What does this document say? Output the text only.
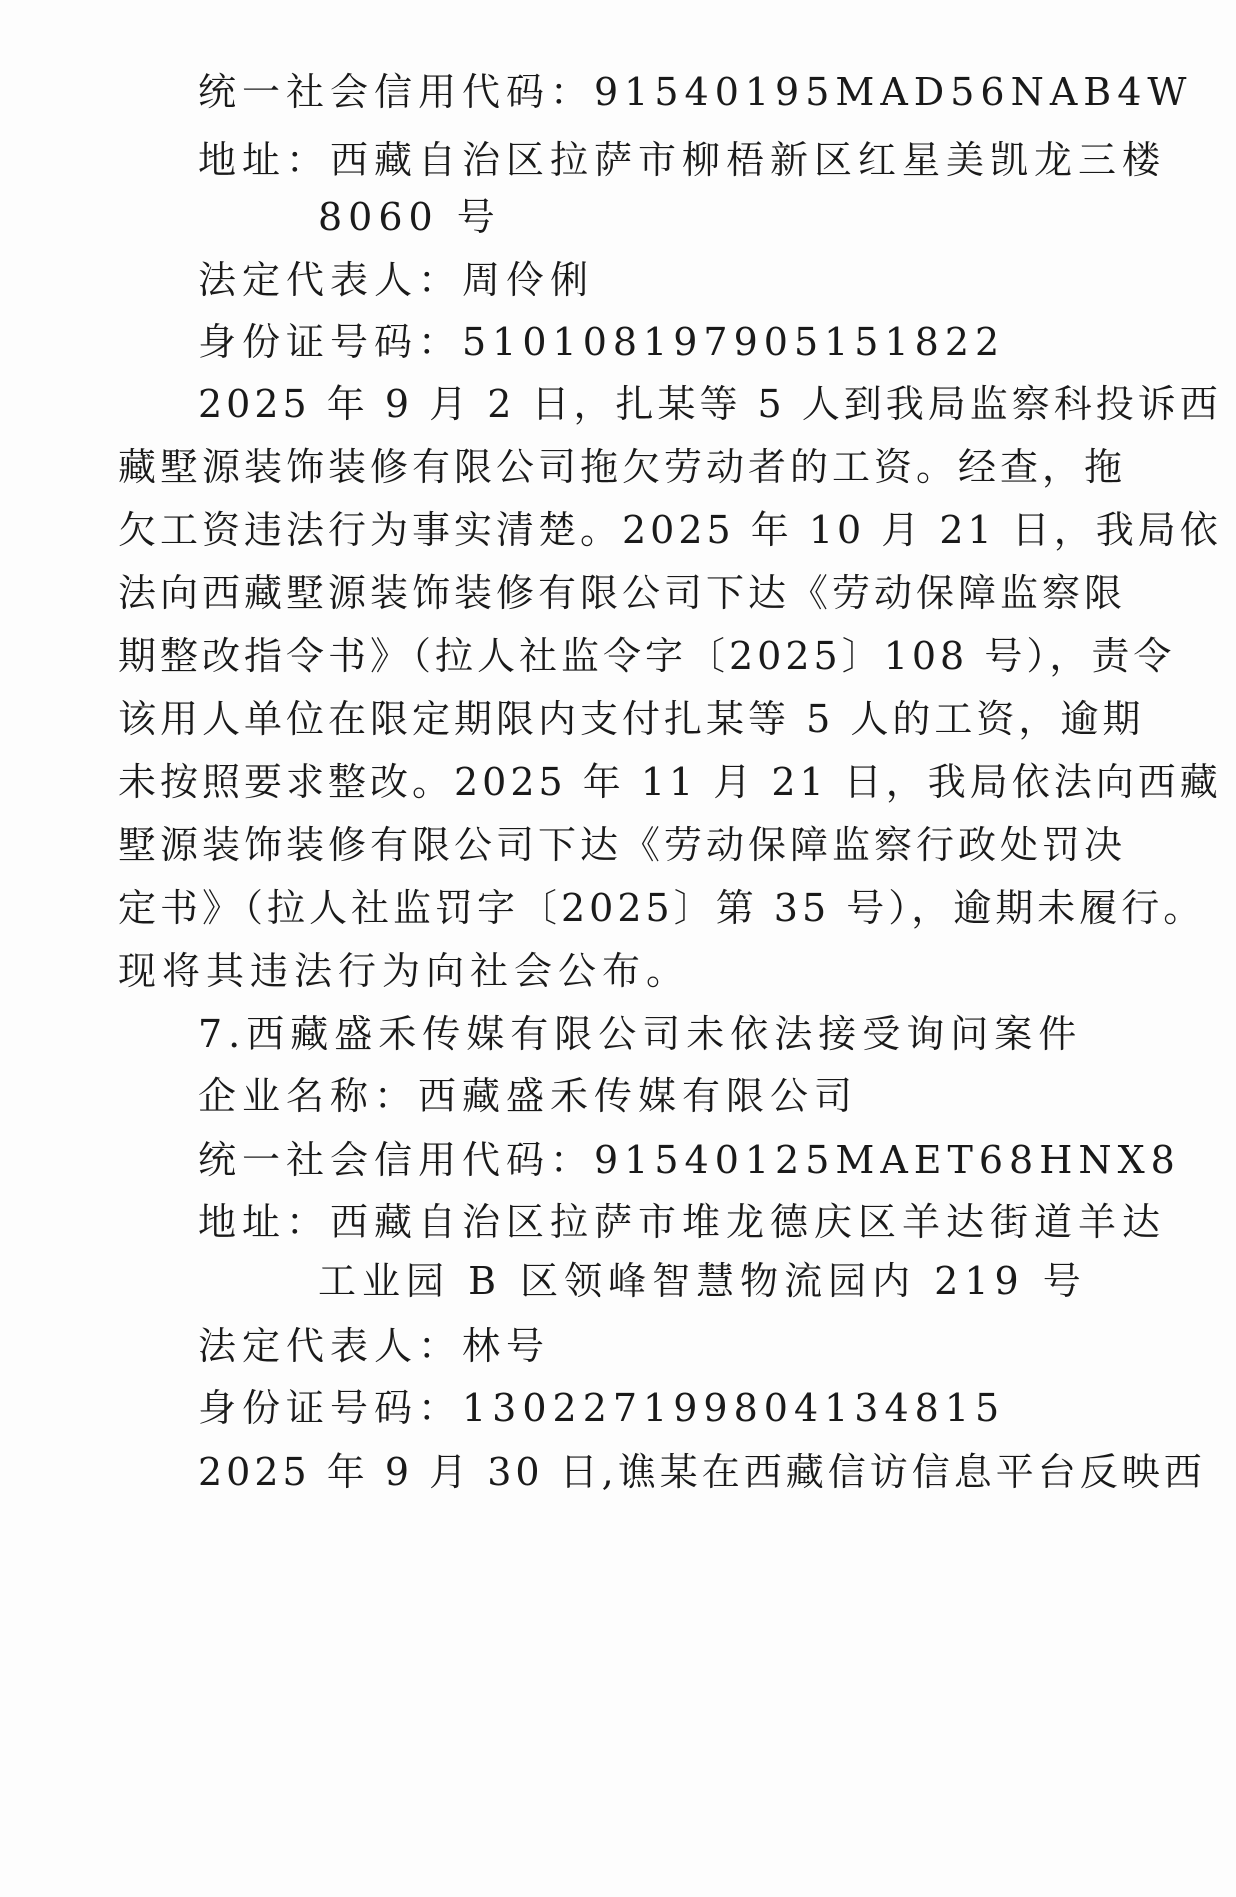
统一社会信用代码：91540195MAD56NAB4W
地址：西藏自治区拉萨市柳梧新区红星美凯龙三楼
8060 号
法定代表人：周伶俐
身份证号码：510108197905151822
2025 年 9 月 2 日，扎某等 5 人到我局监察科投诉西
藏墅源装饰装修有限公司拖欠劳动者的工资。经查，拖
欠工资违法行为事实清楚。2025 年 10 月 21 日，我局依
法向西藏墅源装饰装修有限公司下达《劳动保障监察限
期整改指令书》（拉人社监令字〔2025〕108 号），责令
该用人单位在限定期限内支付扎某等 5 人的工资，逾期
未按照要求整改。2025 年 11 月 21 日，我局依法向西藏
墅源装饰装修有限公司下达《劳动保障监察行政处罚决
定书》（拉人社监罚字〔2025〕第 35 号），逾期未履行。
现将其违法行为向社会公布。
7.西藏盛禾传媒有限公司未依法接受询问案件
企业名称：西藏盛禾传媒有限公司
统一社会信用代码：91540125MAET68HNX8
地址：西藏自治区拉萨市堆龙德庆区羊达街道羊达
工业园 B 区领峰智慧物流园内 219 号
法定代表人：林号
身份证号码：130227199804134815
2025 年 9 月 30 日,谯某在西藏信访信息平台反映西
